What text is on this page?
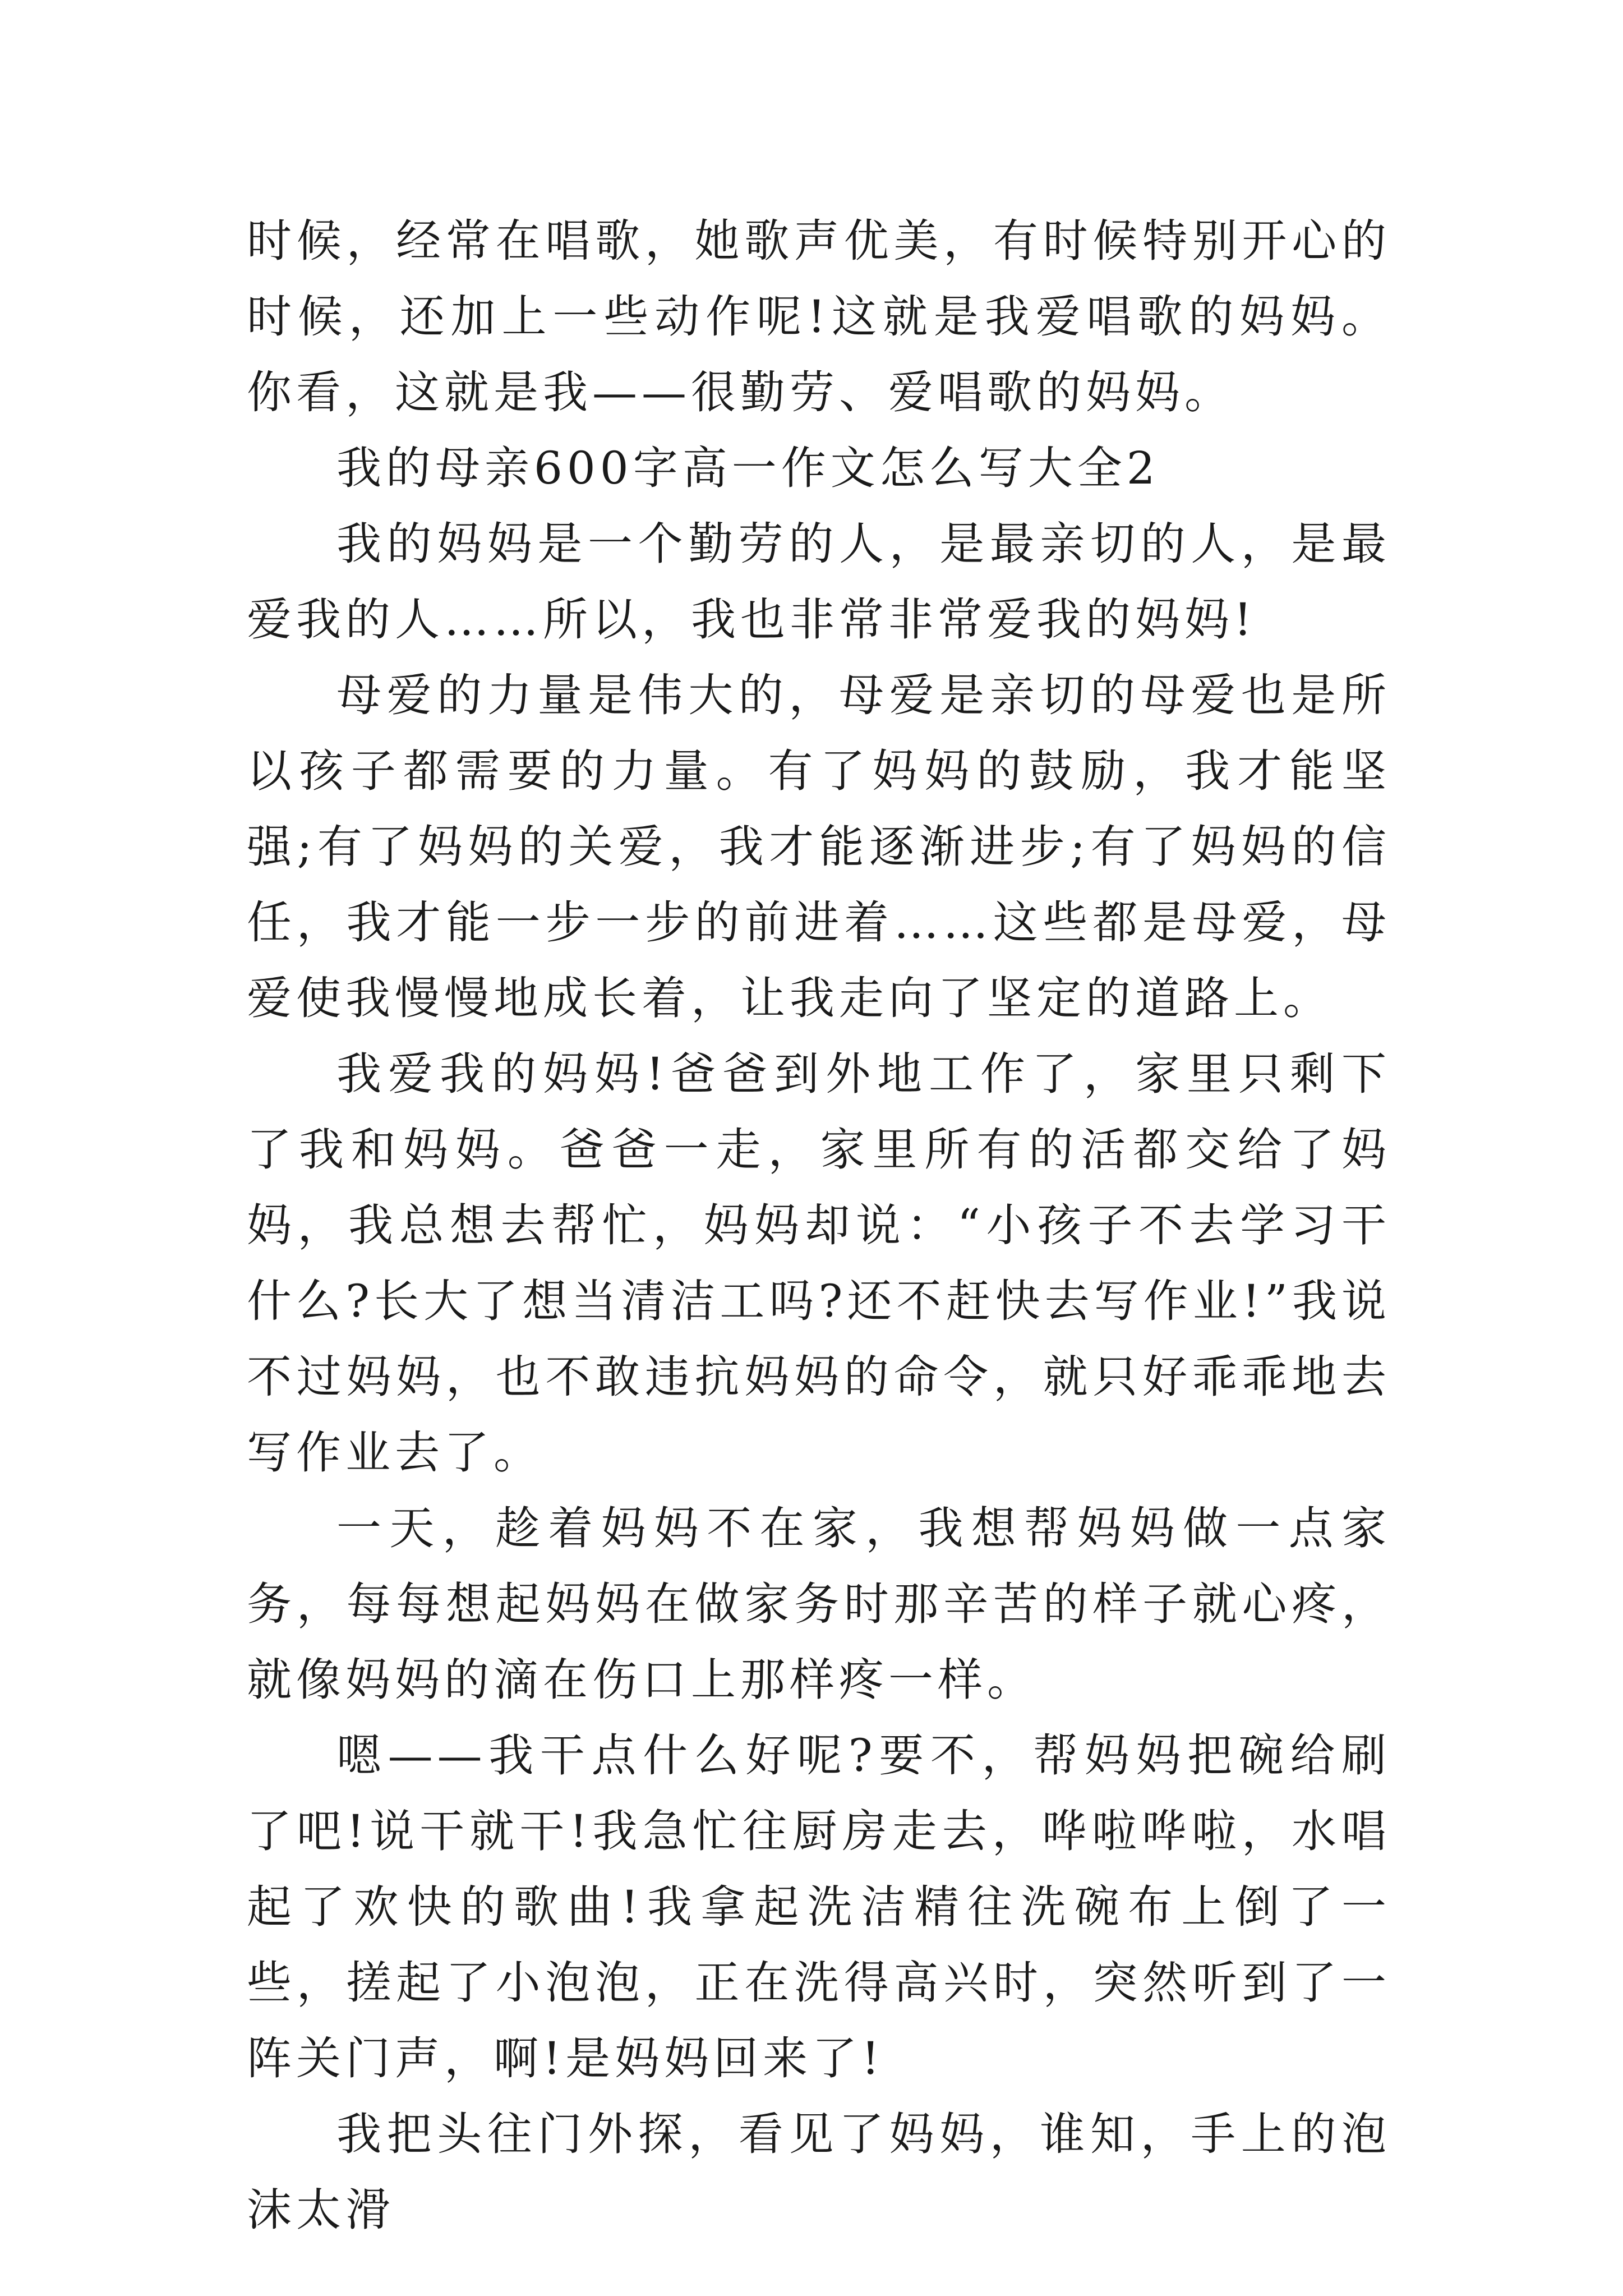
时候，经常在唱歌，她歌声优美，有时候特别开心的时候，还加上一些动作呢!这就是我爱唱歌的妈妈。你看，这就是我——很勤劳、爱唱歌的妈妈。

我的母亲600字高一作文怎么写大全2

我的妈妈是一个勤劳的人，是最亲切的人，是最爱我的人……所以，我也非常非常爱我的妈妈!

母爱的力量是伟大的，母爱是亲切的母爱也是所以孩子都需要的力量。有了妈妈的鼓励，我才能坚强;有了妈妈的关爱，我才能逐渐进步;有了妈妈的信任，我才能一步一步的前进着……这些都是母爱，母爱使我慢慢地成长着，让我走向了坚定的道路上。

我爱我的妈妈!爸爸到外地工作了，家里只剩下了我和妈妈。爸爸一走，家里所有的活都交给了妈妈，我总想去帮忙，妈妈却说：“小孩子不去学习干什么?长大了想当清洁工吗?还不赶快去写作业!”我说不过妈妈，也不敢违抗妈妈的命令，就只好乖乖地去写作业去了。

一天，趁着妈妈不在家，我想帮妈妈做一点家务，每每想起妈妈在做家务时那辛苦的样子就心疼，就像妈妈的滴在伤口上那样疼一样。

嗯——我干点什么好呢?要不，帮妈妈把碗给刷了吧!说干就干!我急忙往厨房走去，哗啦哗啦，水唱起了欢快的歌曲!我拿起洗洁精往洗碗布上倒了一些，搓起了小泡泡，正在洗得高兴时，突然听到了一阵关门声，啊!是妈妈回来了!

我把头往门外探，看见了妈妈，谁知，手上的泡沫太滑
